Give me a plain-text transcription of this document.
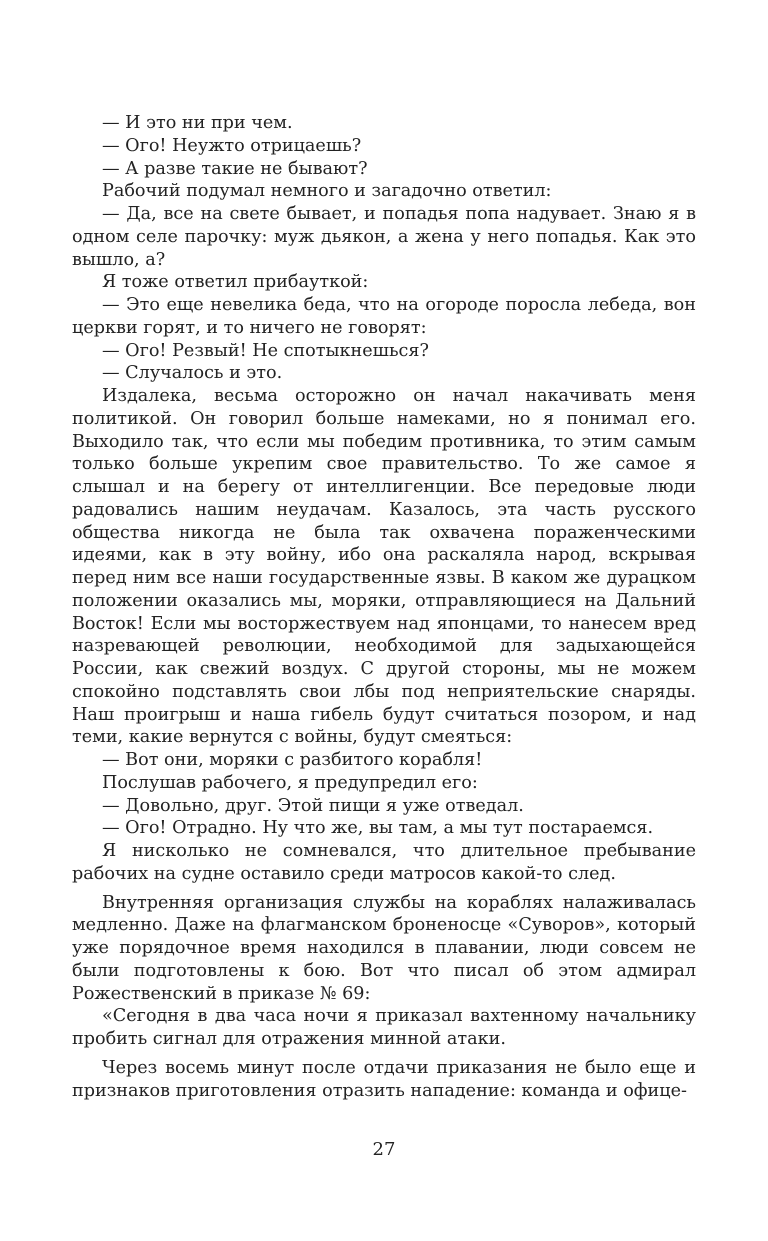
— И это ни при чем.

— Ого! Неужто отрицаешь?

— А разве такие не бывают?

Рабочий подумал немного и загадочно ответил:

— Да, все на свете бывает, и попадья попа надувает. Знаю я в одном селе парочку: муж дьякон, а жена у него попадья. Как это вышло, а?

Я тоже ответил прибауткой:

— Это еще невелика беда, что на огороде поросла лебеда, вон церкви горят, и то ничего не говорят:

— Ого! Резвый! Не спотыкнешься?

— Случалось и это.

Издалека, весьма осторожно он начал накачивать меня политикой. Он говорил больше намеками, но я понимал его. Выходило так, что если мы победим противника, то этим самым только больше укрепим свое правительство. То же самое я слышал и на берегу от интеллигенции. Все передовые люди радовались нашим неудачам. Казалось, эта часть русского общества никогда не была так охвачена пораженческими идеями, как в эту войну, ибо она раскаляла народ, вскрывая перед ним все наши государственные язвы. В каком же дурацком положении оказались мы, моряки, отправляющиеся на Дальний Восток! Если мы восторжествуем над японцами, то нанесем вред назревающей революции, необходимой для задыхающейся России, как свежий воздух. С другой стороны, мы не можем спокойно подставлять свои лбы под неприятельские снаряды. Наш проигрыш и наша гибель будут считаться позором, и над теми, какие вернутся с войны, будут смеяться:

— Вот они, моряки с разбитого корабля!

Послушав рабочего, я предупредил его:

— Довольно, друг. Этой пищи я уже отведал.

— Ого! Отрадно. Ну что же, вы там, а мы тут постараемся.

Я нисколько не сомневался, что длительное пребывание рабочих на судне оставило среди матросов какой-то след.

Внутренняя организация службы на кораблях налаживалась медленно. Даже на флагманском броненосце «Суворов», который уже порядочное время находился в плавании, люди совсем не были подготовлены к бою. Вот что писал об этом адмирал Рожественский в приказе № 69:

«Сегодня в два часа ночи я приказал вахтенному начальнику пробить сигнал для отражения минной атаки.

Через восемь минут после отдачи приказания не было еще и признаков приготовления отразить нападение: команда и офице-

27
